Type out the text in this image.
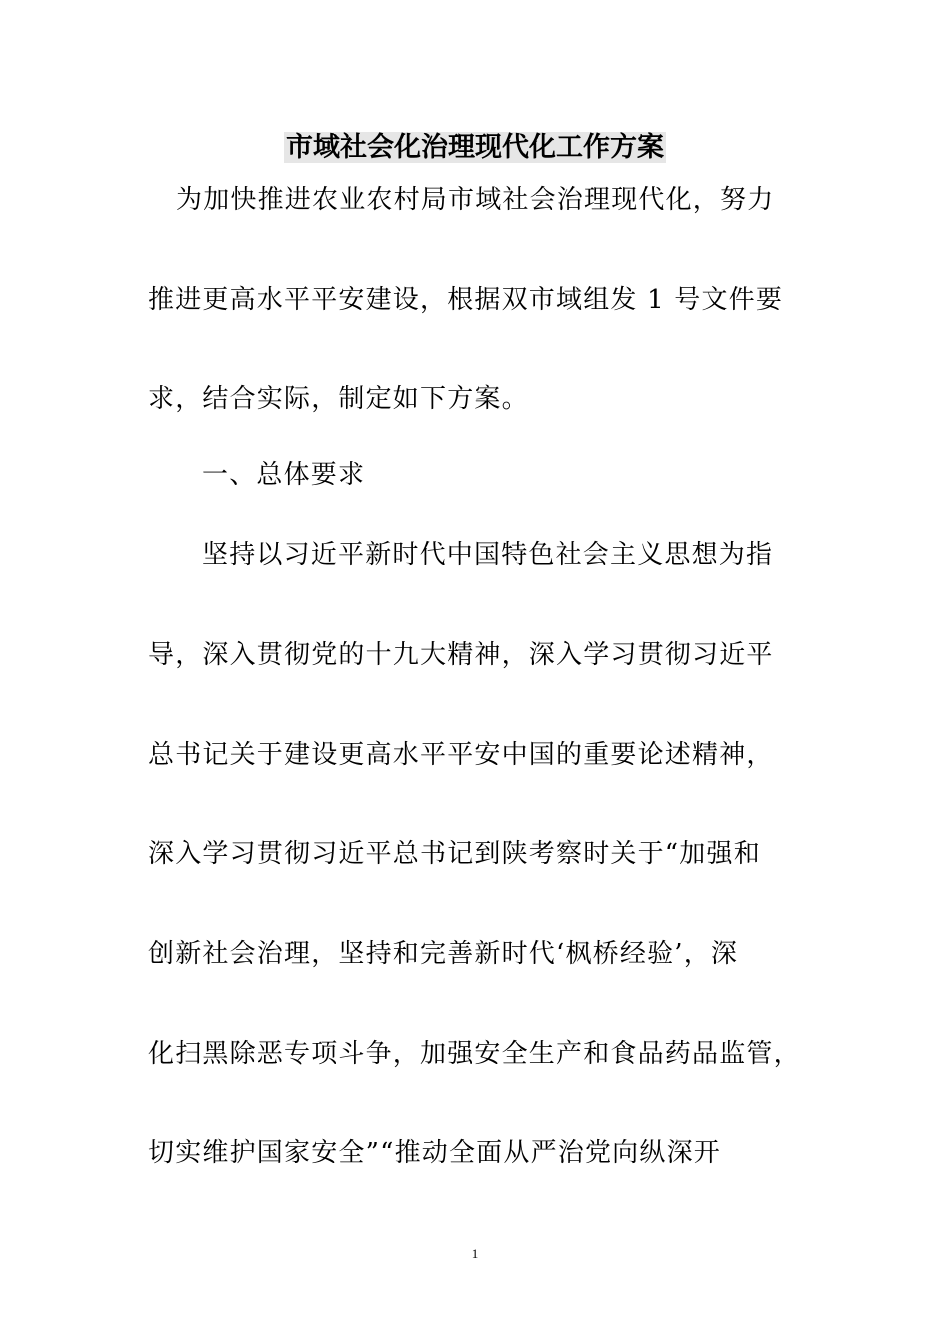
市域社会化治理现代化工作方案
为加快推进农业农村局市域社会治理现代化，努力
推进更高水平平安建设，根据双市域组发 1 号文件要
求，结合实际，制定如下方案。
一、总体要求
坚持以习近平新时代中国特色社会主义思想为指
导，深入贯彻党的十九大精神，深入学习贯彻习近平
总书记关于建设更高水平平安中国的重要论述精神，
深入学习贯彻习近平总书记到陕考察时关于“加强和
创新社会治理，坚持和完善新时代‘枫桥经验’，深
化扫黑除恶专项斗争，加强安全生产和食品药品监管，
切实维护国家安全”“推动全面从严治党向纵深开
1
